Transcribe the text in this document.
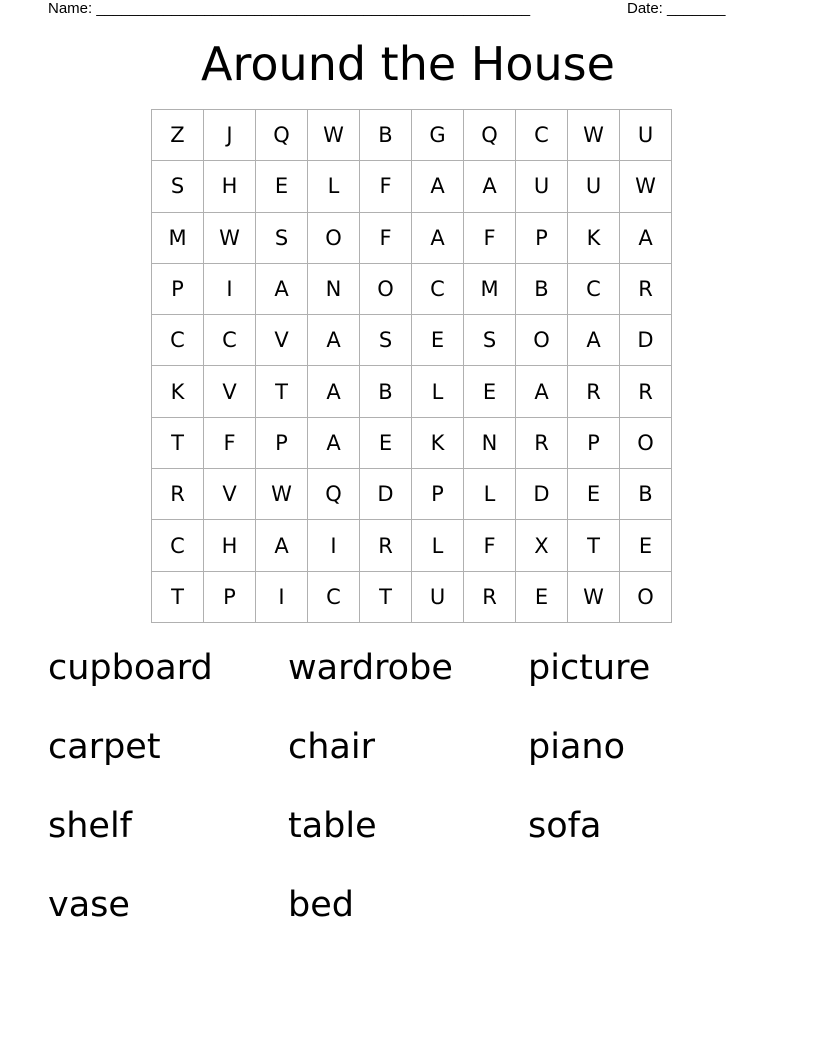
Name: ____________________________________________________	Date: _______
Around the House
Z	J	Q	W	B	G	Q	C	W	U
S	H	E	L	F	A	A	U	U	W
M	W	S	O	F	A	F	P	K	A
P	I	A	N	O	C	M	B	C	R
C	C	V	A	S	E	S	O	A	D
K	V	T	A	B	L	E	A	R	R
T	F	P	A	E	K	N	R	P	O
R	V	W	Q	D	P	L	D	E	B
C	H	A	I	R	L	F	X	T	E
T	P	I	C	T	U	R	E	W	O
cupboard	wardrobe	picture
carpet	chair	piano
shelf	table	sofa
vase	bed
